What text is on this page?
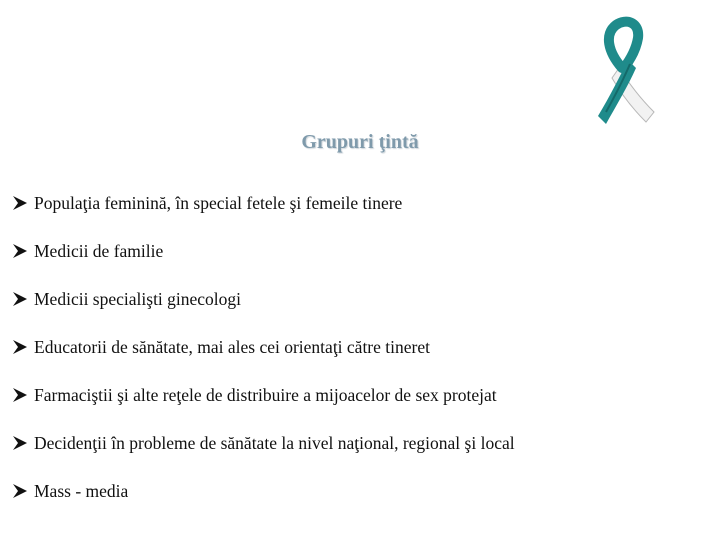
Grupuri ţintă
Populaţia feminină, în special fetele şi femeile tinere
Medicii de familie
Medicii specialişti ginecologi
Educatorii de sănătate, mai ales cei orientaţi către tineret
Farmaciştii şi alte reţele de distribuire a mijoacelor de sex protejat
Decidenţii în probleme de sănătate la nivel naţional, regional şi local
Mass - media
